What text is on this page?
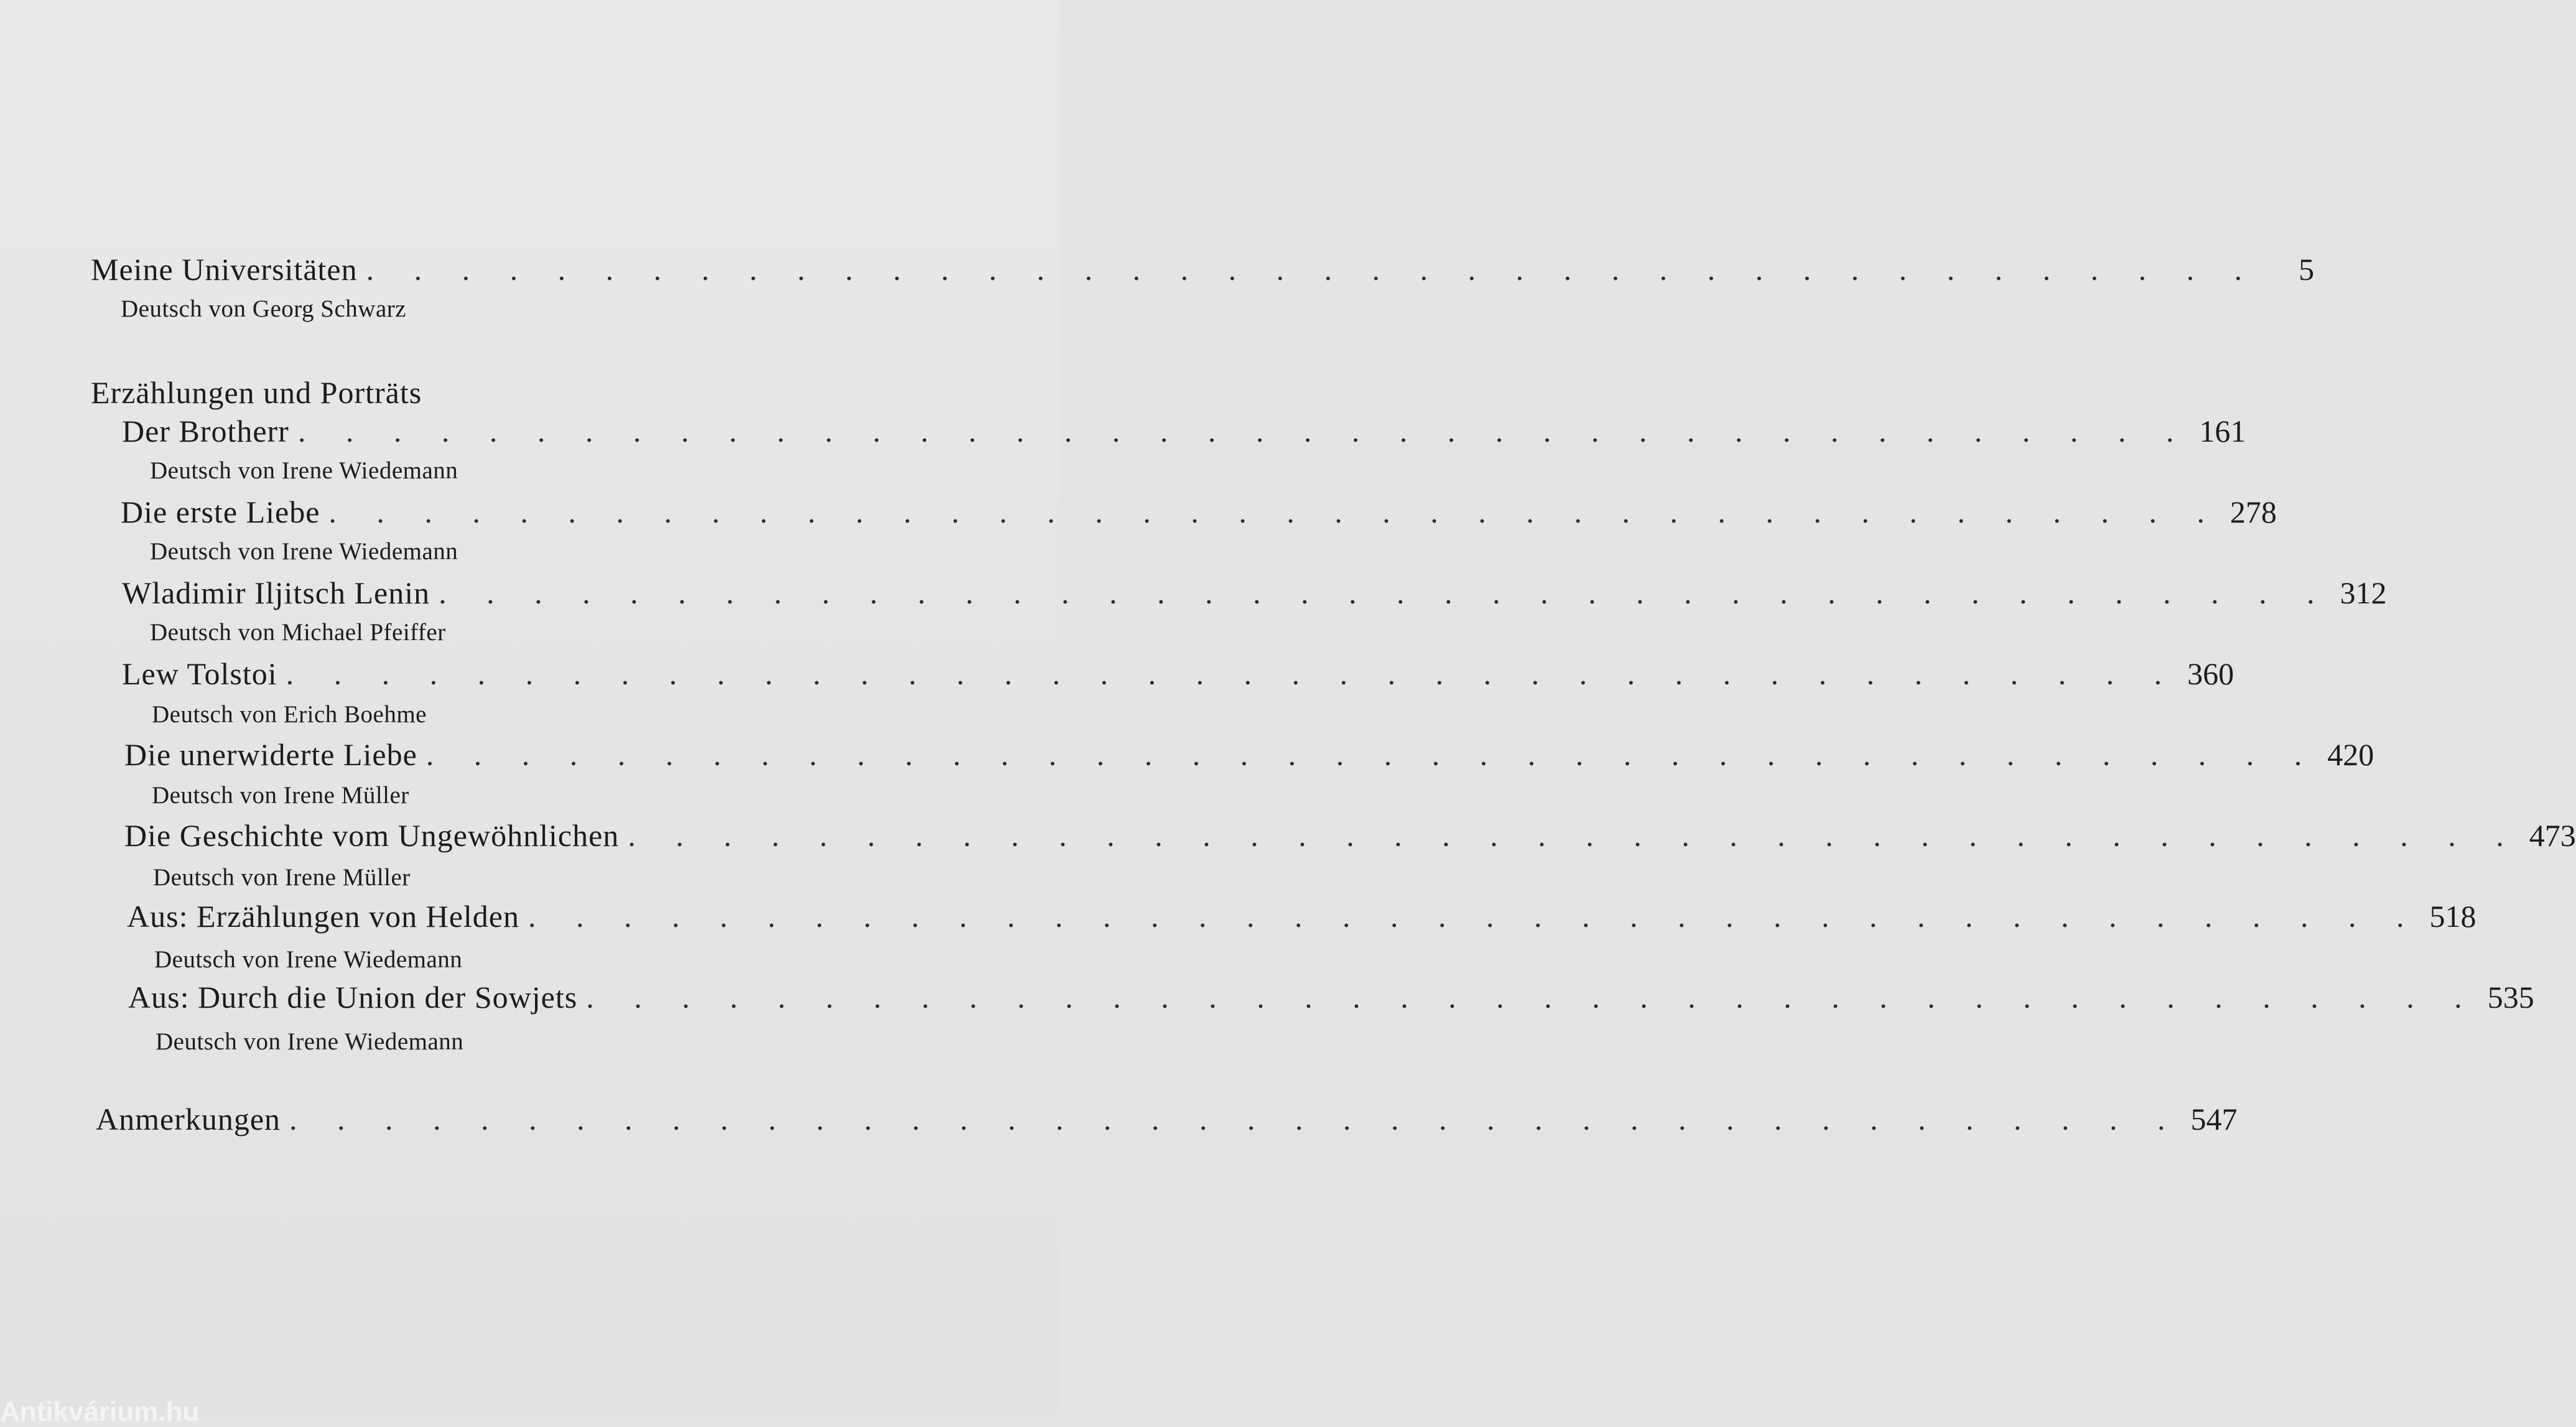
Meine Universitäten . . . . . . . . . . . . . . . . . . . . . . . . . . . . . . . . . . . . . . . .	5
Deutsch von Georg Schwarz
Erzählungen und Porträts
Der Brotherr . . . . . . . . . . . . . . . . . . . . . . . . . . . . . . . . . . . . . . . . 161
Deutsch von Irene Wiedemann
Die erste Liebe . . . . . . . . . . . . . . . . . . . . . . . . . . . . . . . . . . . . . . . . 278
Deutsch von Irene Wiedemann
Wladimir Iljitsch Lenin . . . . . . . . . . . . . . . . . . . . . . . . . . . . . . . . . . . . . . . . 312
Deutsch von Michael Pfeiffer
Lew Tolstoi . . . . . . . . . . . . . . . . . . . . . . . . . . . . . . . . . . . . . . . . 360
Deutsch von Erich Boehme
Die unerwiderte Liebe . . . . . . . . . . . . . . . . . . . . . . . . . . . . . . . . . . . . . . . . 420
Deutsch von Irene Müller
Die Geschichte vom Ungewöhnlichen . . . . . . . . . . . . . . . . . . . . . . . . . . . . . . . . . . . . . . . . 473
Deutsch von Irene Müller
Aus: Erzählungen von Helden . . . . . . . . . . . . . . . . . . . . . . . . . . . . . . . . . . . . . . . . 518
Deutsch von Irene Wiedemann
Aus: Durch die Union der Sowjets . . . . . . . . . . . . . . . . . . . . . . . . . . . . . . . . . . . . . . . . 535
Deutsch von Irene Wiedemann
Anmerkungen . . . . . . . . . . . . . . . . . . . . . . . . . . . . . . . . . . . . . . . . 547
Antikvárium.hu
